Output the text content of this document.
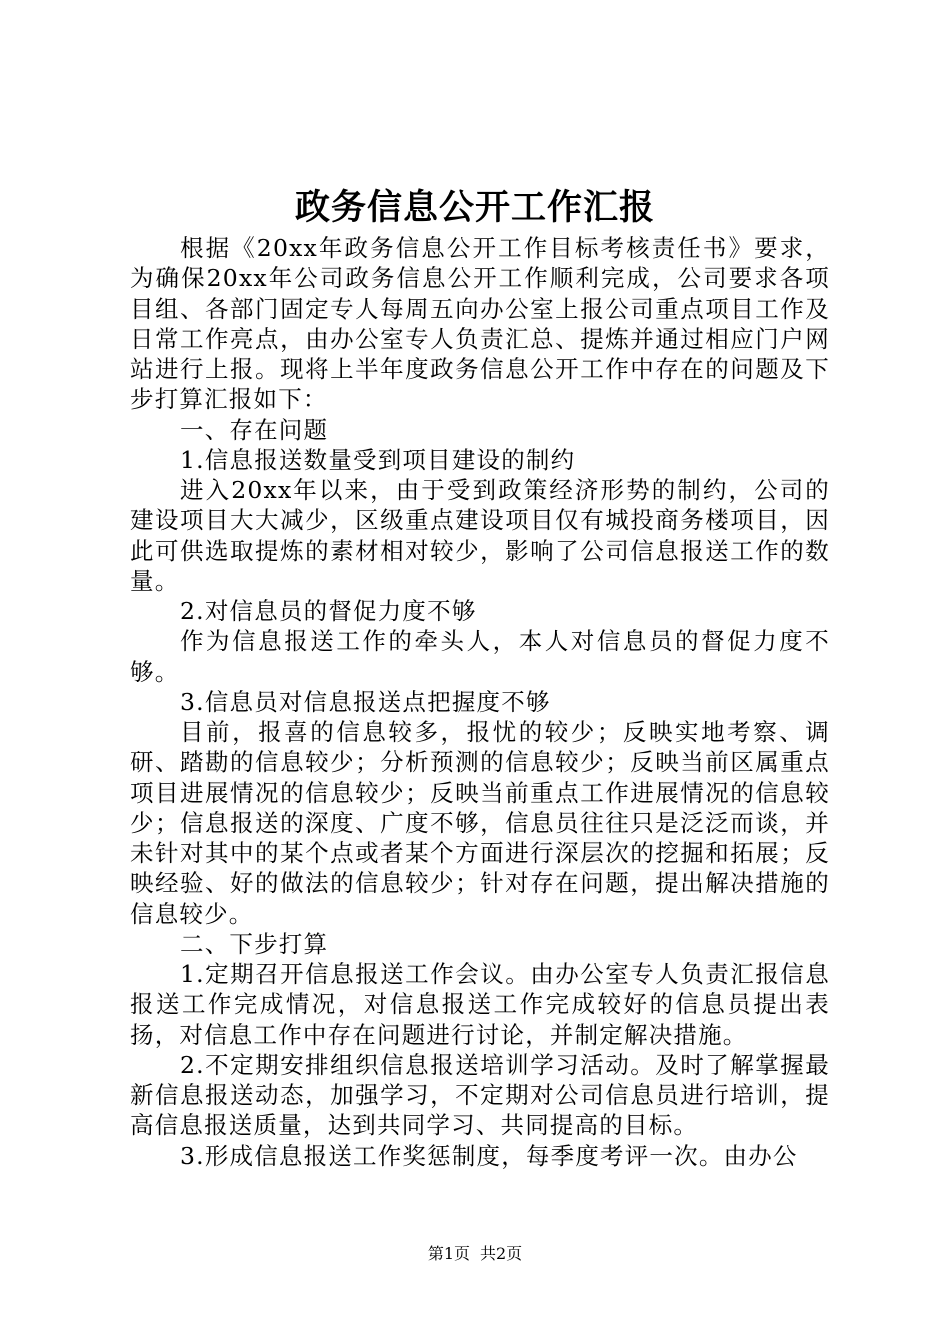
政务信息公开工作汇报

根据《20xx年政务信息公开工作目标考核责任书》要求，为确保20xx年公司政务信息公开工作顺利完成，公司要求各项目组、各部门固定专人每周五向办公室上报公司重点项目工作及日常工作亮点，由办公室专人负责汇总、提炼并通过相应门户网站进行上报。现将上半年度政务信息公开工作中存在的问题及下步打算汇报如下：

一、存在问题

1.信息报送数量受到项目建设的制约

进入20xx年以来，由于受到政策经济形势的制约，公司的建设项目大大减少，区级重点建设项目仅有城投商务楼项目，因此可供选取提炼的素材相对较少，影响了公司信息报送工作的数量。

2.对信息员的督促力度不够

作为信息报送工作的牵头人，本人对信息员的督促力度不够。

3.信息员对信息报送点把握度不够

目前，报喜的信息较多，报忧的较少；反映实地考察、调研、踏勘的信息较少；分析预测的信息较少；反映当前区属重点项目进展情况的信息较少；反映当前重点工作进展情况的信息较少；信息报送的深度、广度不够，信息员往往只是泛泛而谈，并未针对其中的某个点或者某个方面进行深层次的挖掘和拓展；反映经验、好的做法的信息较少；针对存在问题，提出解决措施的信息较少。

二、下步打算

1.定期召开信息报送工作会议。由办公室专人负责汇报信息报送工作完成情况，对信息报送工作完成较好的信息员提出表扬，对信息工作中存在问题进行讨论，并制定解决措施。

2.不定期安排组织信息报送培训学习活动。及时了解掌握最新信息报送动态，加强学习，不定期对公司信息员进行培训，提高信息报送质量，达到共同学习、共同提高的目标。

3.形成信息报送工作奖惩制度，每季度考评一次。由办公

第1页 共2页
